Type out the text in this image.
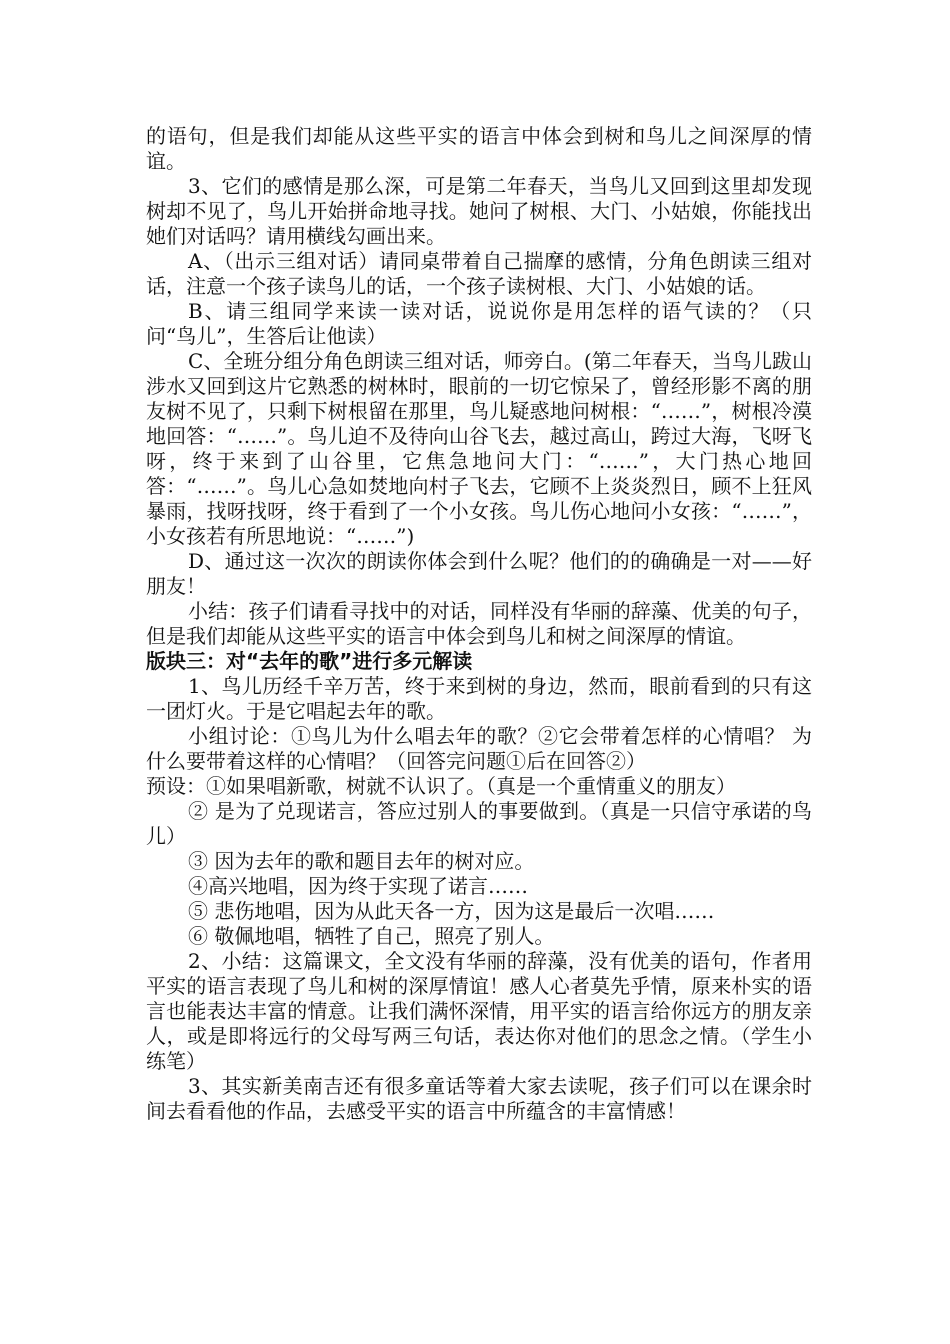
的语句，但是我们却能从这些平实的语言中体会到树和鸟儿之间深厚的情谊。

3、它们的感情是那么深，可是第二年春天，当鸟儿又回到这里却发现树却不见了，鸟儿开始拼命地寻找。她问了树根、大门、小姑娘，你能找出她们对话吗？请用横线勾画出来。

A、（出示三组对话）请同桌带着自己揣摩的感情，分角色朗读三组对话，注意一个孩子读鸟儿的话，一个孩子读树根、大门、小姑娘的话。

B、请三组同学来读一读对话，说说你是用怎样的语气读的？（只问“鸟儿”，生答后让他读）

C、全班分组分角色朗读三组对话，师旁白。(第二年春天，当鸟儿跋山涉水又回到这片它熟悉的树林时，眼前的一切它惊呆了，曾经形影不离的朋友树不见了，只剩下树根留在那里，鸟儿疑惑地问树根：“……”，树根冷漠地回答：“……”。鸟儿迫不及待向山谷飞去，越过高山，跨过大海，飞呀飞呀，终于来到了山谷里，它焦急地问大门：“……”，大门热心地回答：“……”。鸟儿心急如焚地向村子飞去，它顾不上炎炎烈日，顾不上狂风暴雨，找呀找呀，终于看到了一个小女孩。鸟儿伤心地问小女孩：“……”，小女孩若有所思地说：“……”)

D、通过这一次次的朗读你体会到什么呢？他们的的确确是一对——好朋友！

小结：孩子们请看寻找中的对话，同样没有华丽的辞藻、优美的句子，但是我们却能从这些平实的语言中体会到鸟儿和树之间深厚的情谊。

版块三：对“去年的歌”进行多元解读

1、鸟儿历经千辛万苦，终于来到树的身边，然而，眼前看到的只有这一团灯火。于是它唱起去年的歌。

小组讨论：①鸟儿为什么唱去年的歌？②它会带着怎样的心情唱？ 为什么要带着这样的心情唱？（回答完问题①后在回答②）

预设：①如果唱新歌，树就不认识了。（真是一个重情重义的朋友）

② 是为了兑现诺言，答应过别人的事要做到。（真是一只信守承诺的鸟儿）

③ 因为去年的歌和题目去年的树对应。

④高兴地唱，因为终于实现了诺言……

⑤ 悲伤地唱，因为从此天各一方，因为这是最后一次唱……

⑥ 敬佩地唱，牺牲了自己，照亮了别人。

2、小结：这篇课文，全文没有华丽的辞藻，没有优美的语句，作者用平实的语言表现了鸟儿和树的深厚情谊！感人心者莫先乎情，原来朴实的语言也能表达丰富的情意。让我们满怀深情，用平实的语言给你远方的朋友亲人，或是即将远行的父母写两三句话，表达你对他们的思念之情。（学生小练笔）

3、其实新美南吉还有很多童话等着大家去读呢，孩子们可以在课余时间去看看他的作品，去感受平实的语言中所蕴含的丰富情感！
